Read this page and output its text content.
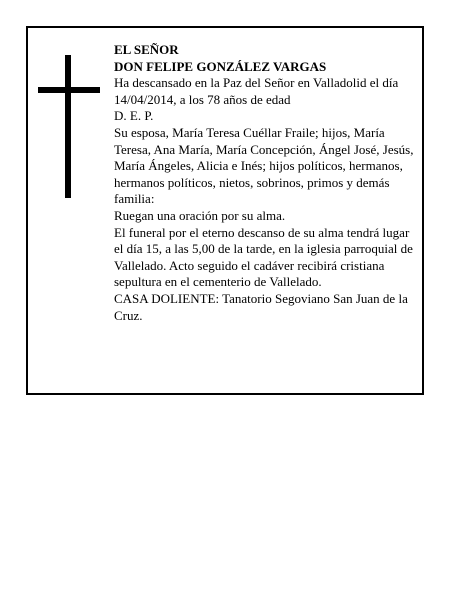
EL SEÑOR

DON FELIPE GONZÁLEZ VARGAS

Ha descansado en la Paz del Señor en Valladolid el día 14/04/2014, a los 78 años de edad

D. E. P.

Su esposa, María Teresa Cuéllar Fraile; hijos, María Teresa, Ana María, María Concepción, Ángel José, Jesús, María Ángeles, Alicia e Inés; hijos políticos, hermanos, hermanos políticos, nietos, sobrinos, primos y demás familia:

Ruegan una oración por su alma.

El funeral por el eterno descanso de su alma tendrá lugar el día 15, a las 5,00 de la tarde, en la iglesia parroquial de Vallelado. Acto seguido el cadáver recibirá cristiana sepultura en el cementerio de Vallelado.

CASA DOLIENTE: Tanatorio Segoviano San Juan de la Cruz.
